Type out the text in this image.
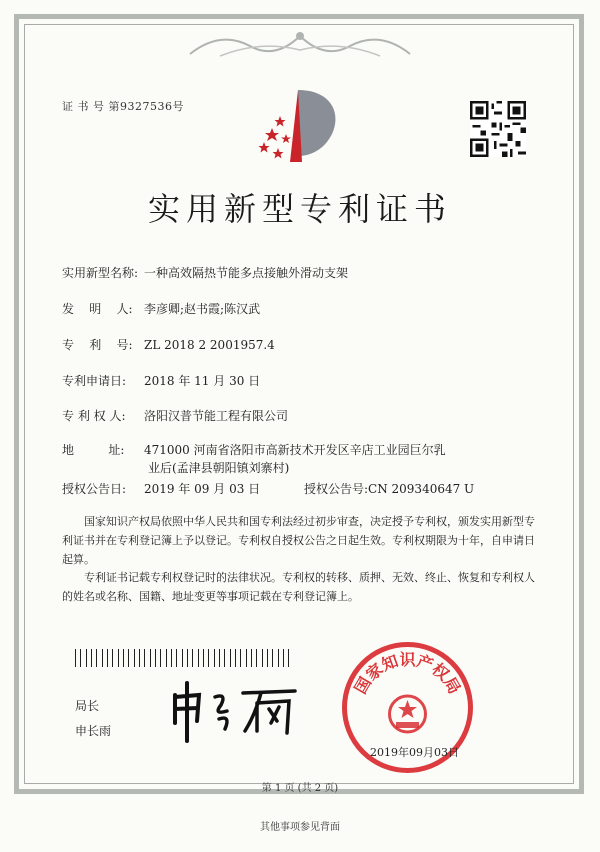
证 书 号 第9327536号
实用新型专利证书
实用新型名称: 一种高效隔热节能多点接触外滑动支架
发    明    人: 李彦卿;赵书霞;陈汉武
专    利    号: ZL 2018 2 2001957.4
专利申请日: 2018 年 11 月 30 日
专 利 权 人: 洛阳汉普节能工程有限公司
地         址: 471000 河南省洛阳市高新技术开发区辛店工业园巨尔乳
业后(孟津县朝阳镇刘寨村)
授权公告日: 2019 年 09 月 03 日	授权公告号:CN 209340647 U

国家知识产权局依照中华人民共和国专利法经过初步审查，决定授予专利权，颁发实用新型专利证书并在专利登记簿上予以登记。专利权自授权公告之日起生效。专利权期限为十年，自申请日起算。

专利证书记载专利权登记时的法律状况。专利权的转移、质押、无效、终止、恢复和专利权人的姓名或名称、国籍、地址变更等事项记载在专利登记簿上。

局长
申长雨
国家知识产权局
2019年09月03日
第 1 页 (共 2 页)
其他事项参见背面
